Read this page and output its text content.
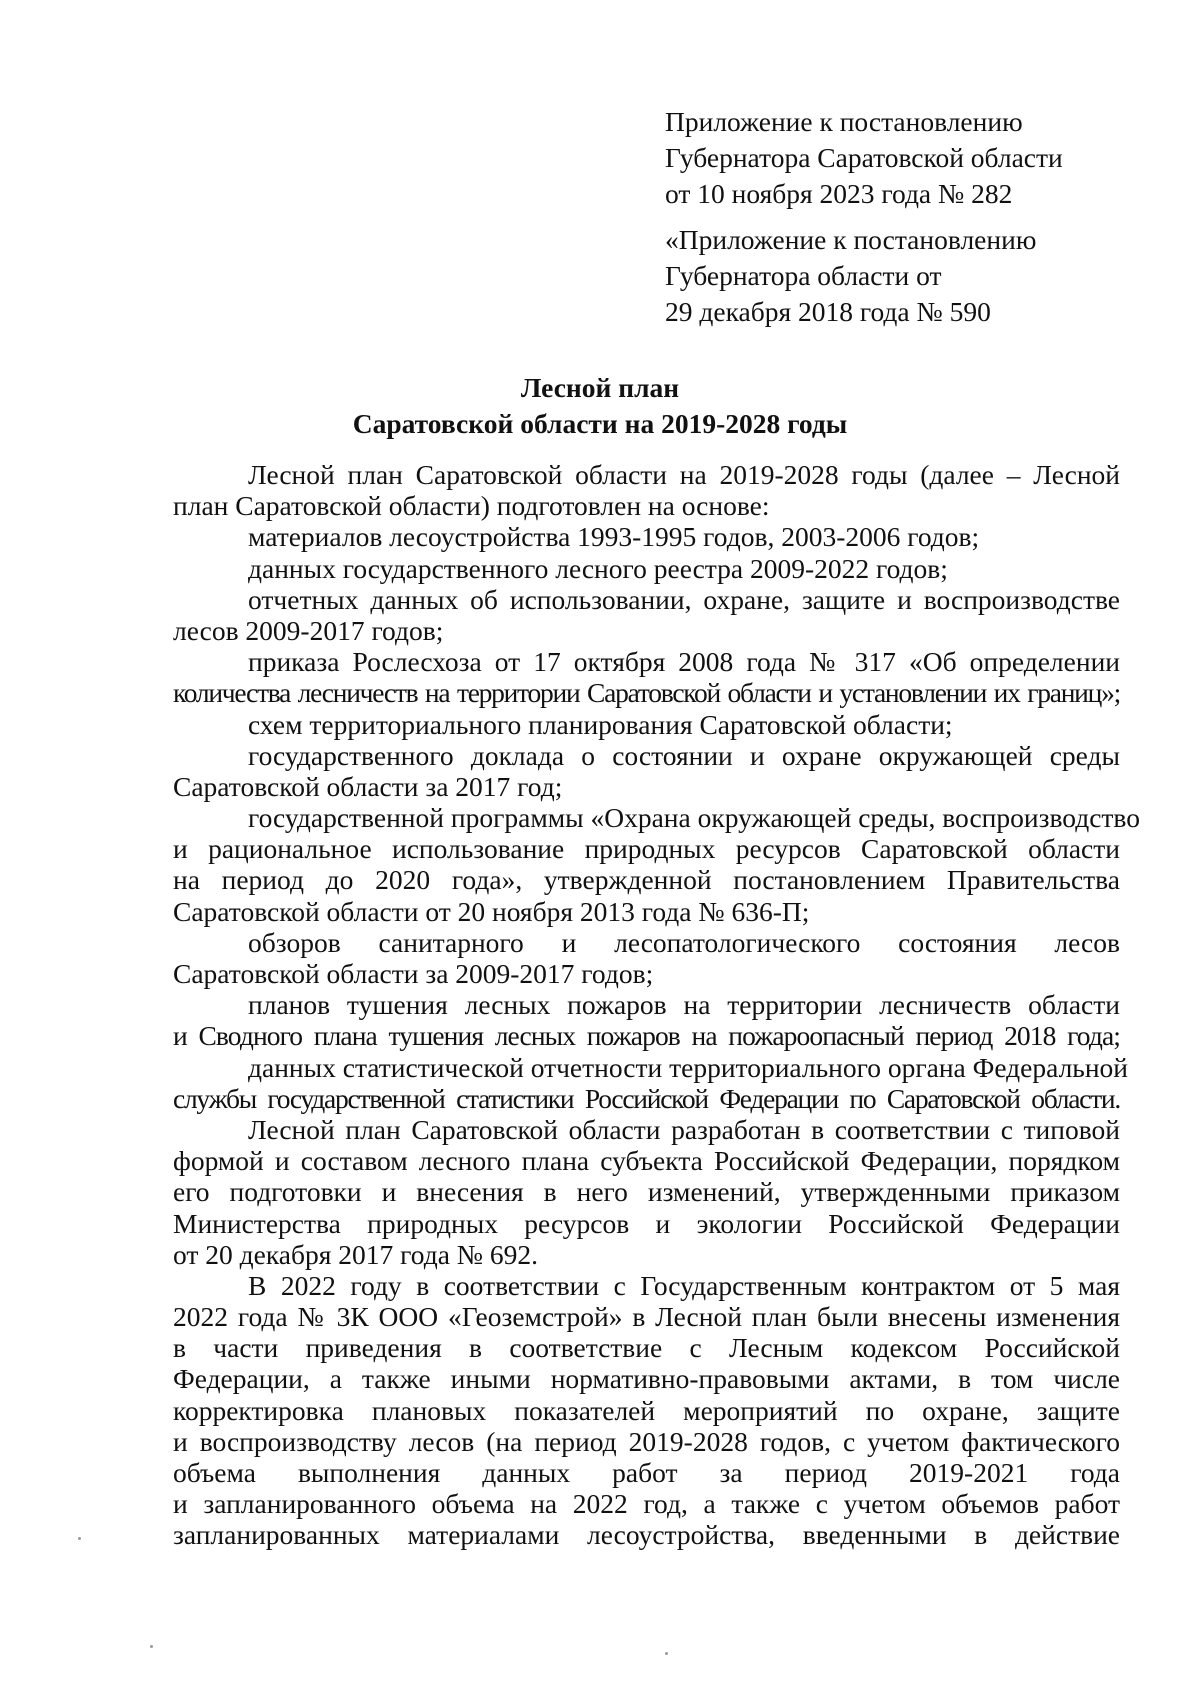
Приложение к постановлению
Губернатора Саратовской области
от 10 ноября 2023 года № 282
«Приложение к постановлению
Губернатора области от
29 декабря 2018 года № 590
Лесной план
Саратовской области на 2019-2028 годы
Лесной план Саратовской области на 2019-2028 годы (далее – Лесной
план Саратовской области) подготовлен на основе:
материалов лесоустройства 1993-1995 годов, 2003-2006 годов;
данных государственного лесного реестра 2009-2022 годов;
отчетных данных об использовании, охране, защите и воспроизводстве
лесов 2009-2017 годов;
приказа Рослесхоза от 17 октября 2008 года № 317 «Об определении
количества лесничеств на территории Саратовской области и установлении их границ»;
схем территориального планирования Саратовской области;
государственного доклада о состоянии и охране окружающей среды
Саратовской области за 2017 год;
государственной программы «Охрана окружающей среды, воспроизводство
и рациональное использование природных ресурсов Саратовской области
на период до 2020 года», утвержденной постановлением Правительства
Саратовской области от 20 ноября 2013 года № 636-П;
обзоров санитарного и лесопатологического состояния лесов
Саратовской области за 2009-2017 годов;
планов тушения лесных пожаров на территории лесничеств области
и Сводного плана тушения лесных пожаров на пожароопасный период 2018 года;
данных статистической отчетности территориального органа Федеральной
службы государственной статистики Российской Федерации по Саратовской области.
Лесной план Саратовской области разработан в соответствии с типовой
формой и составом лесного плана субъекта Российской Федерации, порядком
его подготовки и внесения в него изменений, утвержденными приказом
Министерства природных ресурсов и экологии Российской Федерации
от 20 декабря 2017 года № 692.
В 2022 году в соответствии с Государственным контрактом от 5 мая
2022 года № 3К ООО «Геоземстрой» в Лесной план были внесены изменения
в части приведения в соответствие с Лесным кодексом Российской
Федерации, а также иными нормативно-правовыми актами, в том числе
корректировка плановых показателей мероприятий по охране, защите
и воспроизводству лесов (на период 2019-2028 годов, с учетом фактического
объема выполнения данных работ за период 2019-2021 года
и запланированного объема на 2022 год, а также с учетом объемов работ
запланированных материалами лесоустройства, введенными в действие
